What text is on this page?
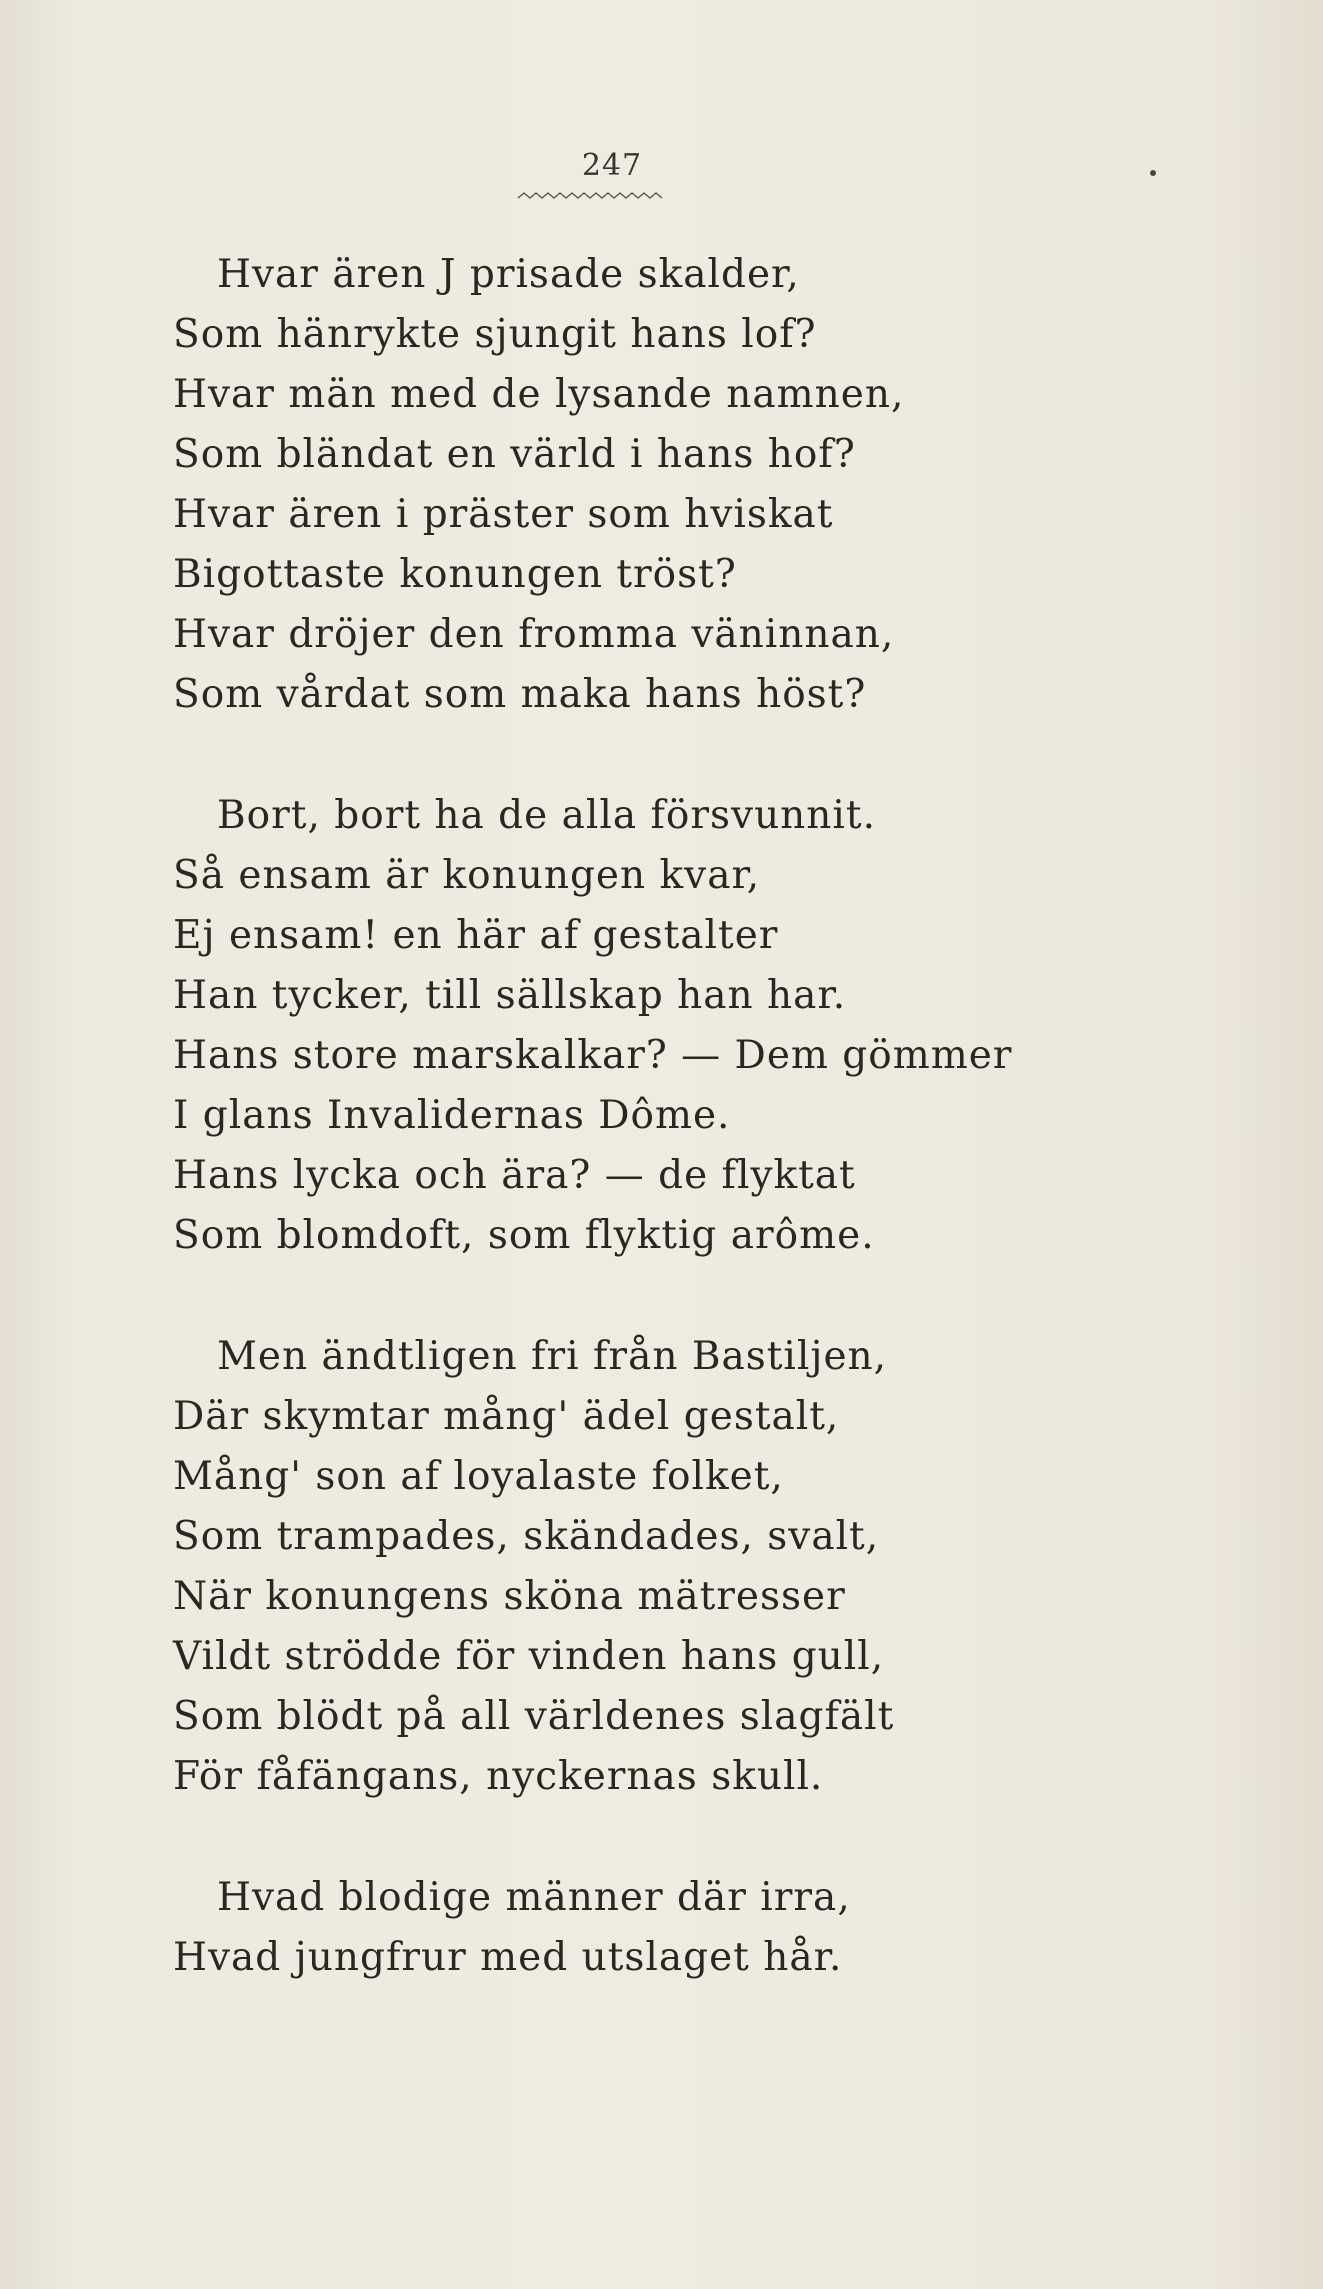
247
Hvar ären J prisade skalder,
Som hänrykte sjungit hans lof?
Hvar män med de lysande namnen,
Som bländat en värld i hans hof?
Hvar ären i präster som hviskat
Bigottaste konungen tröst?
Hvar dröjer den fromma väninnan,
Som vårdat som maka hans höst?
Bort, bort ha de alla försvunnit.
Så ensam är konungen kvar,
Ej ensam! en här af gestalter
Han tycker, till sällskap han har.
Hans store marskalkar? — Dem gömmer
I glans Invalidernas Dôme.
Hans lycka och ära? — de flyktat
Som blomdoft, som flyktig arôme.
Men ändtligen fri från Bastiljen,
Där skymtar mång' ädel gestalt,
Mång' son af loyalaste folket,
Som trampades, skändades, svalt,
När konungens sköna mätresser
Vildt strödde för vinden hans gull,
Som blödt på all världenes slagfält
För fåfängans, nyckernas skull.
Hvad blodige männer där irra,
Hvad jungfrur med utslaget hår.
